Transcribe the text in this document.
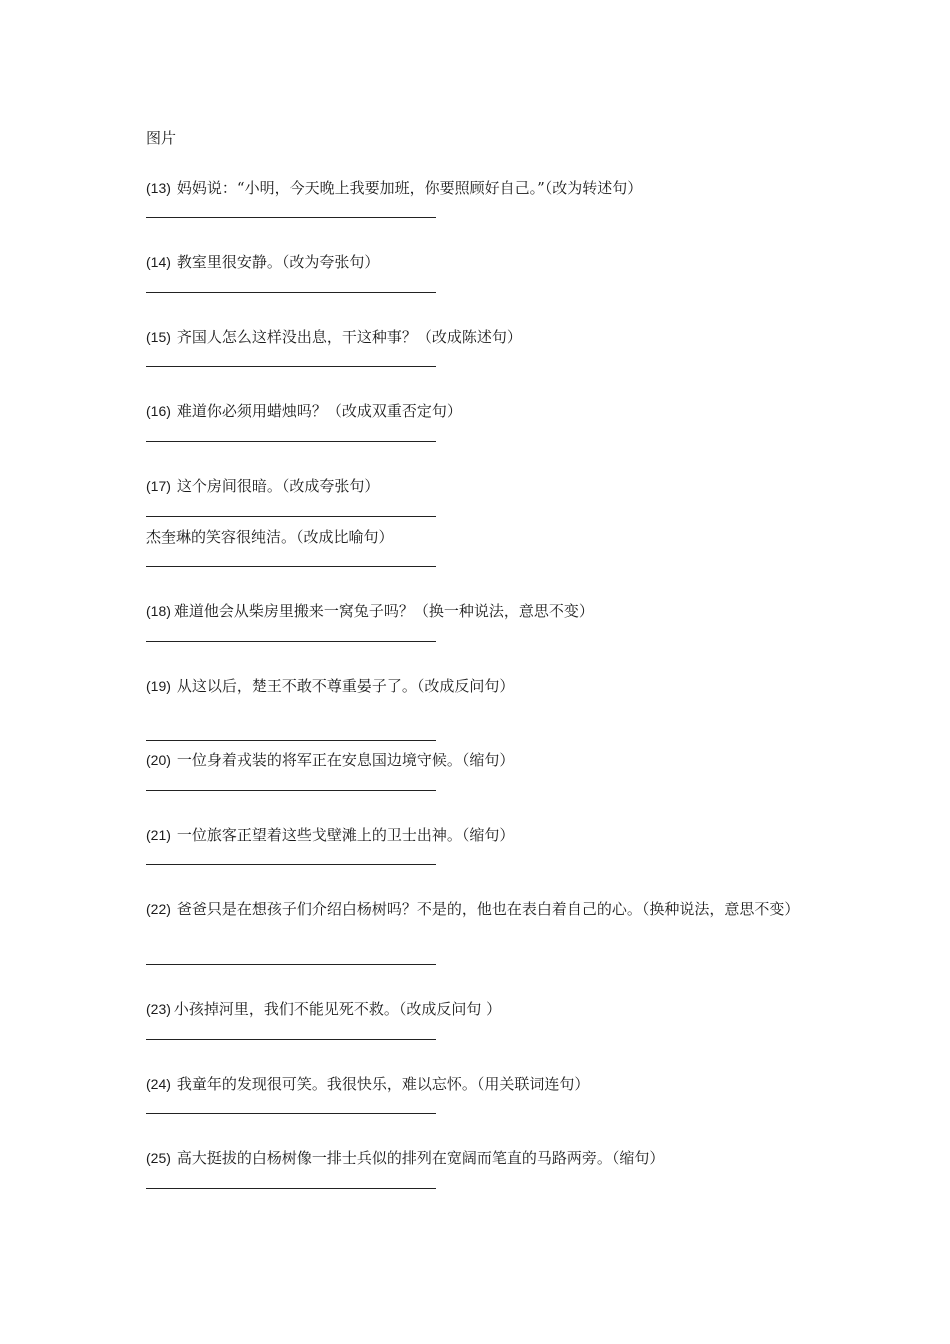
图片
(13) 妈妈说：“小明，今天晚上我要加班，你要照顾好自己。”（改为转述句）
(14) 教室里很安静。（改为夸张句）
(15) 齐国人怎么这样没出息，干这种事？（改成陈述句）
(16) 难道你必须用蜡烛吗？（改成双重否定句）
(17) 这个房间很暗。（改成夸张句）
杰奎琳的笑容很纯洁。（改成比喻句）
(18) 难道他会从柴房里搬来一窝兔子吗？（换一种说法，意思不变）
(19) 从这以后，楚王不敢不尊重晏子了。（改成反问句）
(20) 一位身着戎装的将军正在安息国边境守候。（缩句）
(21) 一位旅客正望着这些戈壁滩上的卫士出神。（缩句）
(22) 爸爸只是在想孩子们介绍白杨树吗？不是的，他也在表白着自己的心。（换种说法，意思不变）
(23) 小孩掉河里，我们不能见死不救。（改成反问句 ）
(24) 我童年的发现很可笑。我很快乐，难以忘怀。（用关联词连句）
(25) 高大挺拔的白杨树像一排士兵似的排列在宽阔而笔直的马路两旁。（缩句）
